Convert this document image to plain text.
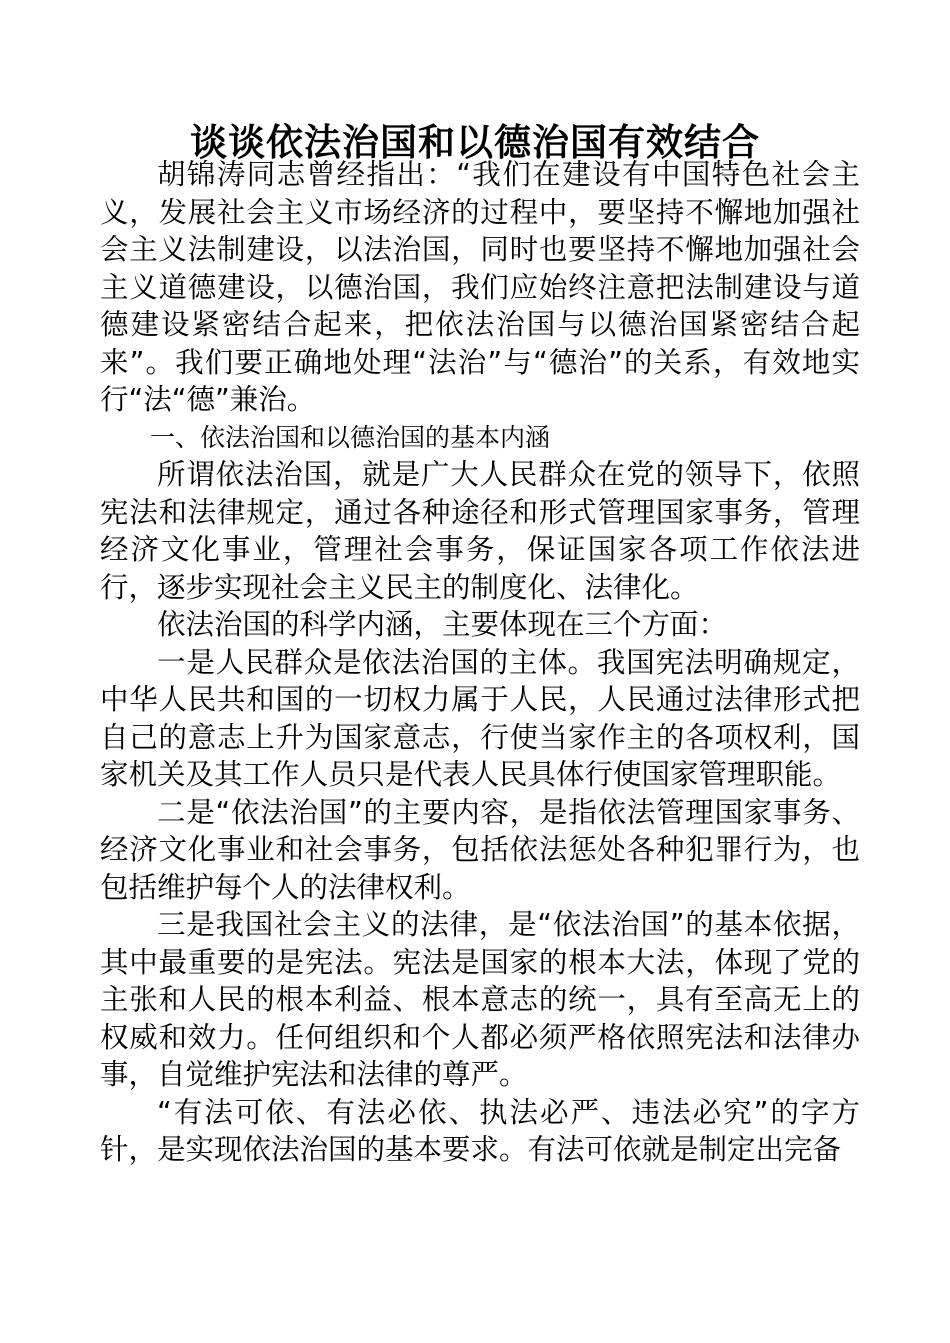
谈谈依法治国和以德治国有效结合

胡锦涛同志曾经指出：“我们在建设有中国特色社会主义，发展社会主义市场经济的过程中，要坚持不懈地加强社会主义法制建设，以法治国，同时也要坚持不懈地加强社会主义道德建设，以德治国，我们应始终注意把法制建设与道德建设紧密结合起来，把依法治国与以德治国紧密结合起来”。我们要正确地处理“法治”与“德治”的关系，有效地实行“法“德”兼治。

一、依法治国和以德治国的基本内涵

所谓依法治国，就是广大人民群众在党的领导下，依照宪法和法律规定，通过各种途径和形式管理国家事务，管理经济文化事业，管理社会事务，保证国家各项工作依法进行，逐步实现社会主义民主的制度化、法律化。

依法治国的科学内涵，主要体现在三个方面：

一是人民群众是依法治国的主体。我国宪法明确规定，中华人民共和国的一切权力属于人民，人民通过法律形式把自己的意志上升为国家意志，行使当家作主的各项权利，国家机关及其工作人员只是代表人民具体行使国家管理职能。

二是“依法治国”的主要内容，是指依法管理国家事务、经济文化事业和社会事务，包括依法惩处各种犯罪行为，也包括维护每个人的法律权利。

三是我国社会主义的法律，是“依法治国”的基本依据，其中最重要的是宪法。宪法是国家的根本大法，体现了党的主张和人民的根本利益、根本意志的统一，具有至高无上的权威和效力。任何组织和个人都必须严格依照宪法和法律办事，自觉维护宪法和法律的尊严。

“有法可依、有法必依、执法必严、违法必究”的字方针，是实现依法治国的基本要求。有法可依就是制定出完备
